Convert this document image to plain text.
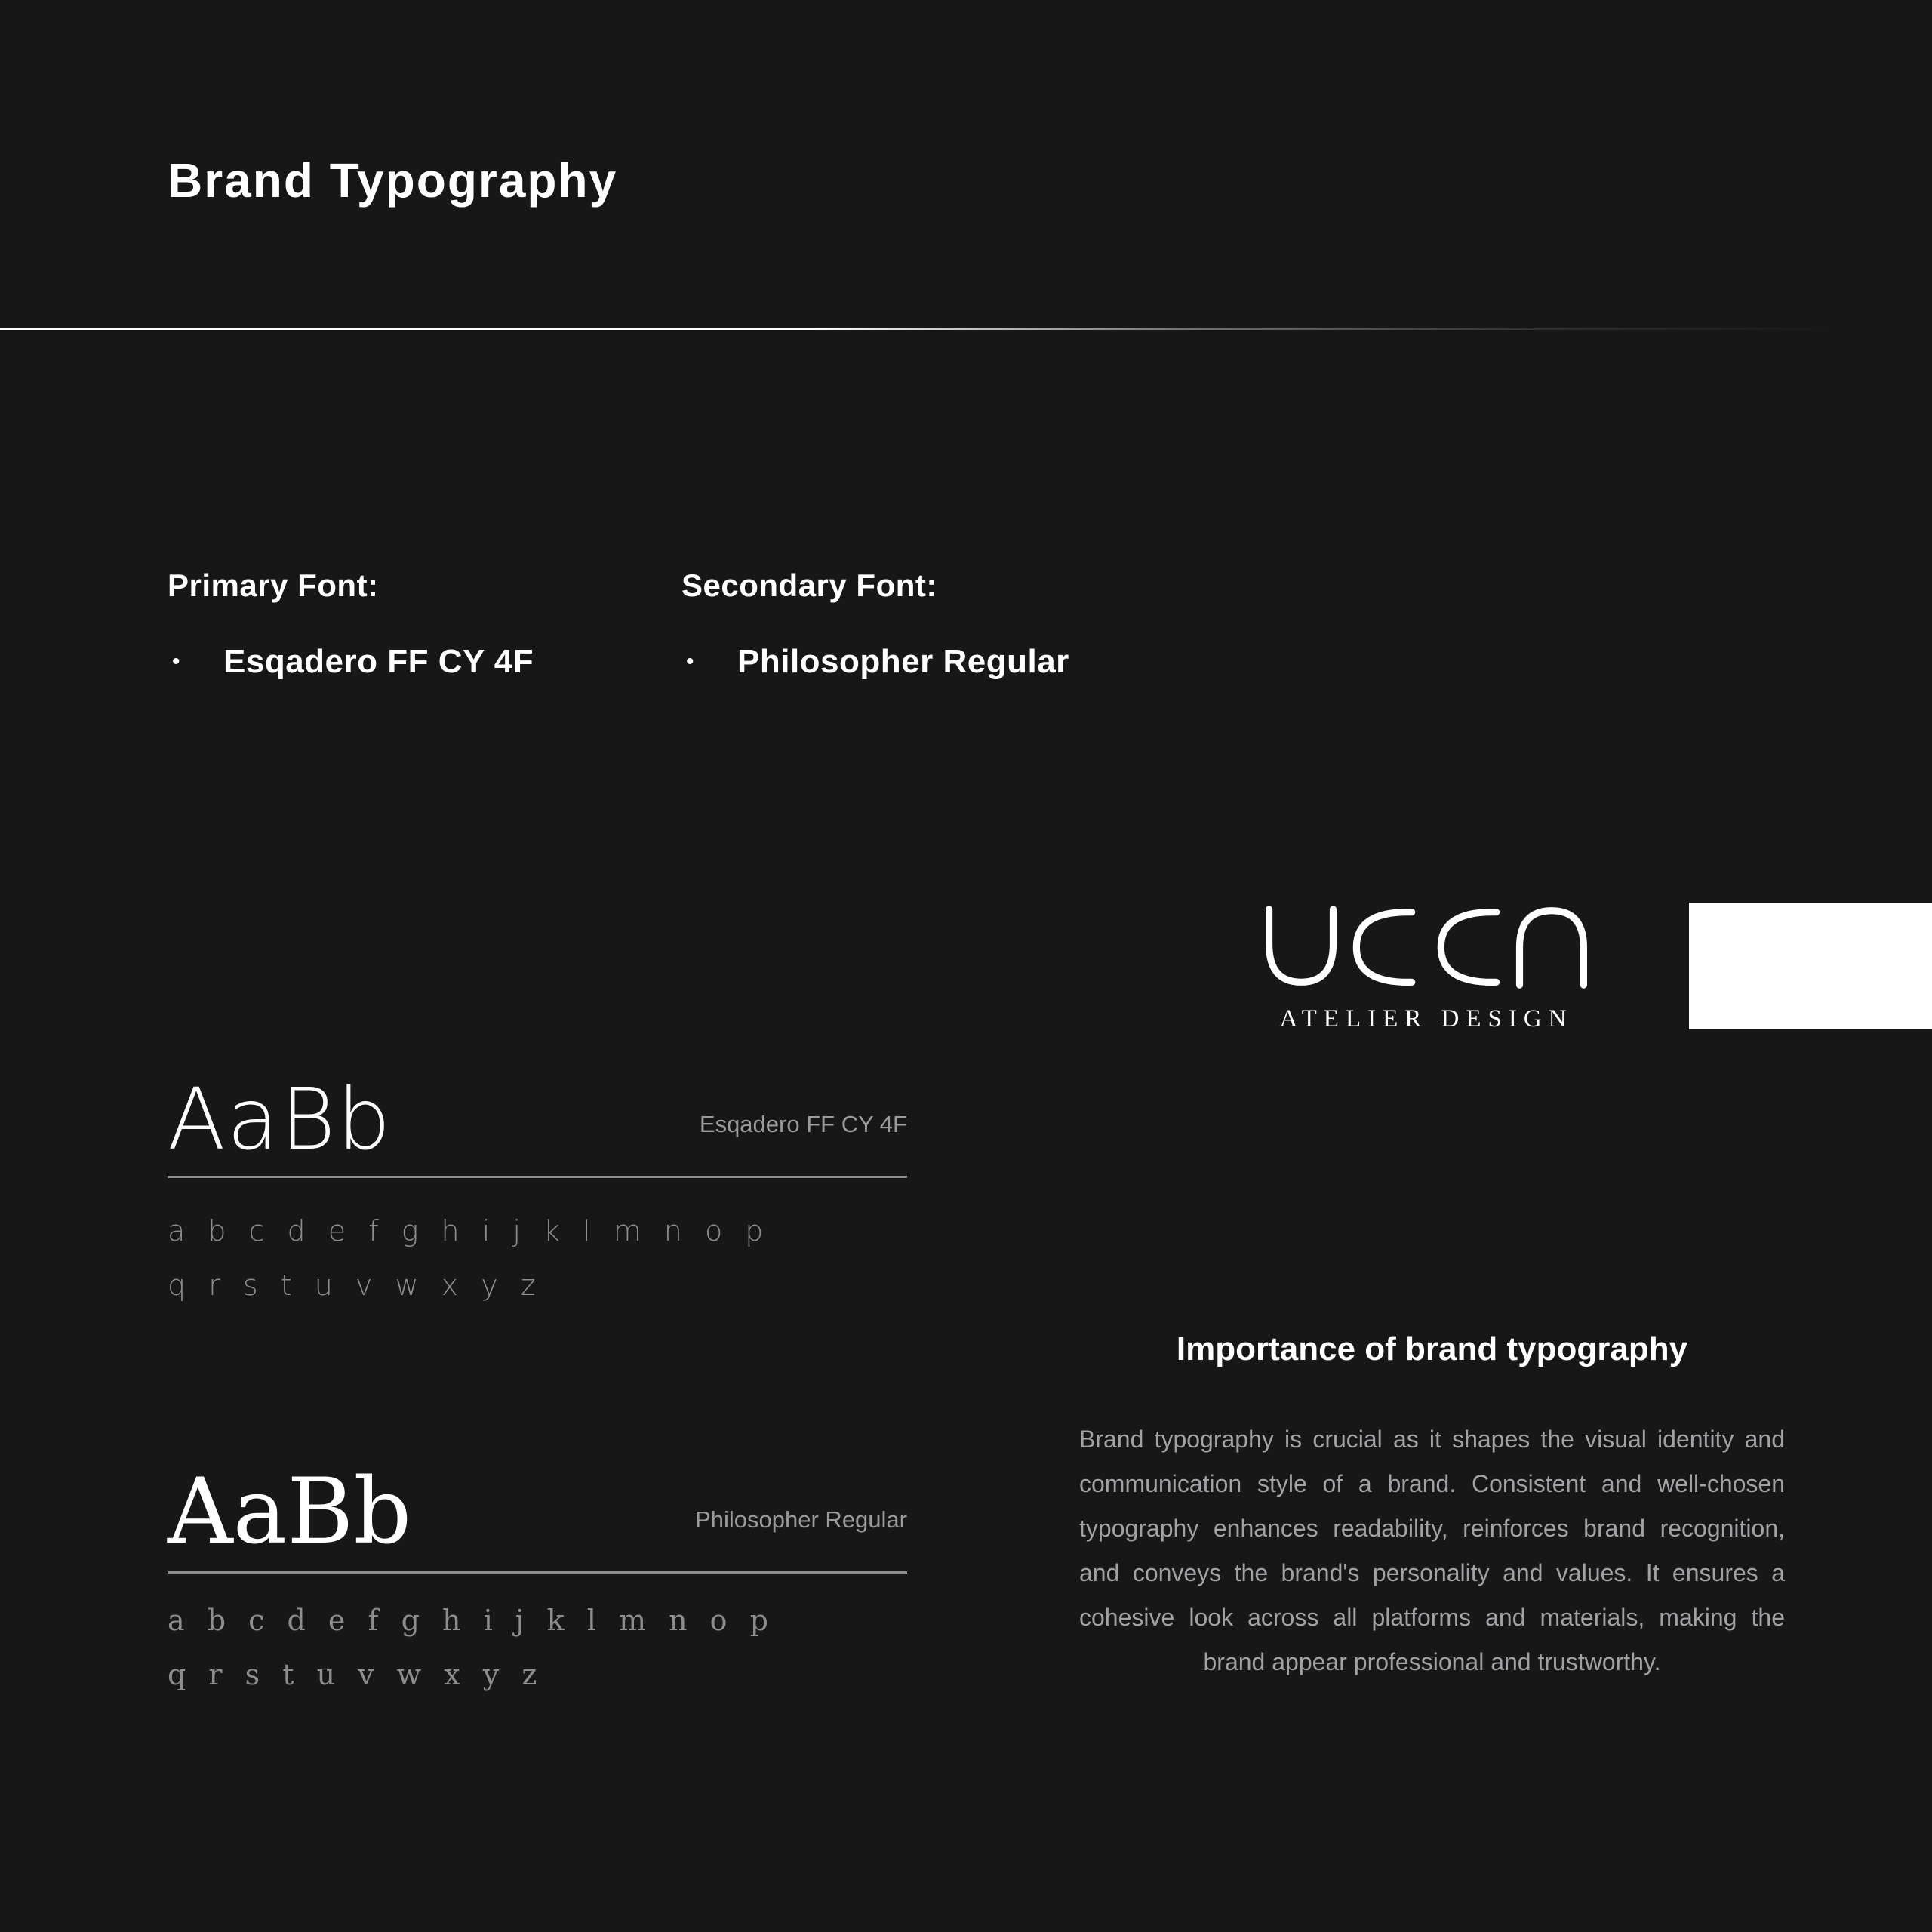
Brand Typography
Primary Font:
• Esqadero FF CY 4F
Secondary Font:
• Philosopher Regular
ATELIER DESIGN
AaBb	Esqadero FF CY 4F
a b c d e f g h i j k l m n o p
q r s t u v w x y z
AaBb	Philosopher Regular
a b c d e f g h i j k l m n o p
q r s t u v w x y z
Importance of brand typography
Brand typography is crucial as it shapes the visual identity and communication style of a brand. Consistent and well-chosen typography enhances readability, reinforces brand recognition, and conveys the brand's personality and values. It ensures a cohesive look across all platforms and materials, making the brand appear professional and trustworthy.
